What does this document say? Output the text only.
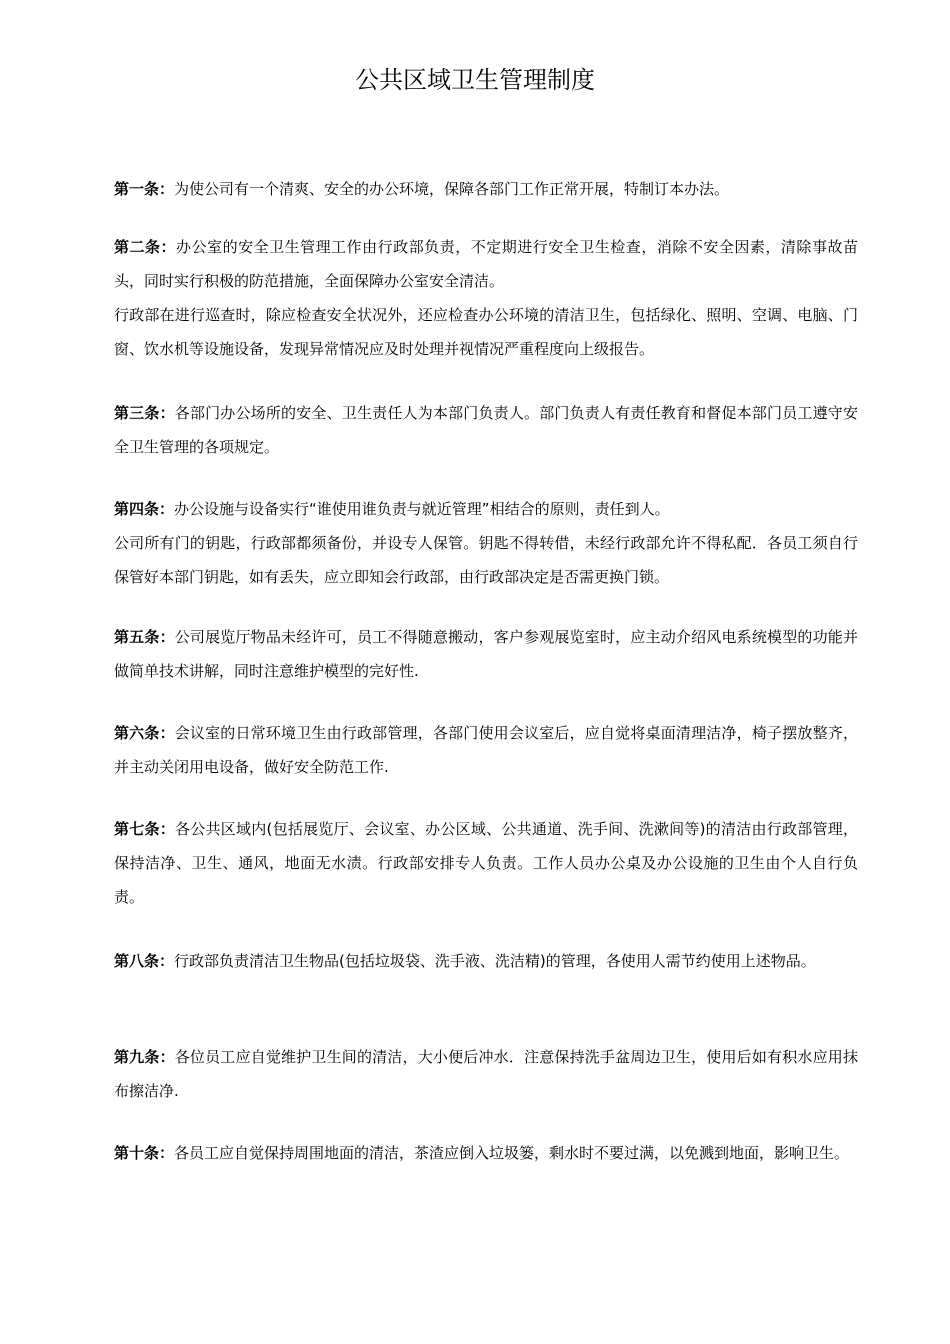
公共区域卫生管理制度
第一条：为使公司有一个清爽、安全的办公环境，保障各部门工作正常开展，特制订本办法。
第二条：办公室的安全卫生管理工作由行政部负责，不定期进行安全卫生检查，消除不安全因素，清除事故苗头，同时实行积极的防范措施，全面保障办公室安全清洁。
行政部在进行巡查时，除应检查安全状况外，还应检查办公环境的清洁卫生，包括绿化、照明、空调、电脑、门窗、饮水机等设施设备，发现异常情况应及时处理并视情况严重程度向上级报告。
第三条：各部门办公场所的安全、卫生责任人为本部门负责人。部门负责人有责任教育和督促本部门员工遵守安全卫生管理的各项规定。
第四条：办公设施与设备实行“谁使用谁负责与就近管理”相结合的原则，责任到人。
公司所有门的钥匙，行政部都须备份，并设专人保管。钥匙不得转借，未经行政部允许不得私配．各员工须自行保管好本部门钥匙，如有丢失，应立即知会行政部，由行政部决定是否需更换门锁。
第五条：公司展览厅物品未经许可，员工不得随意搬动，客户参观展览室时，应主动介绍风电系统模型的功能并做简单技术讲解，同时注意维护模型的完好性.
第六条：会议室的日常环境卫生由行政部管理，各部门使用会议室后，应自觉将桌面清理洁净，椅子摆放整齐，并主动关闭用电设备，做好安全防范工作.
第七条：各公共区域内(包括展览厅、会议室、办公区域、公共通道、洗手间、洗漱间等)的清洁由行政部管理，保持洁净、卫生、通风，地面无水渍。行政部安排专人负责。工作人员办公桌及办公设施的卫生由个人自行负责。
第八条：行政部负责清洁卫生物品(包括垃圾袋、洗手液、洗洁精)的管理，各使用人需节约使用上述物品。
第九条：各位员工应自觉维护卫生间的清洁，大小便后冲水．注意保持洗手盆周边卫生，使用后如有积水应用抹布擦洁净.
第十条：各员工应自觉保持周围地面的清洁，茶渣应倒入垃圾篓，剩水时不要过满，以免溅到地面，影响卫生。
